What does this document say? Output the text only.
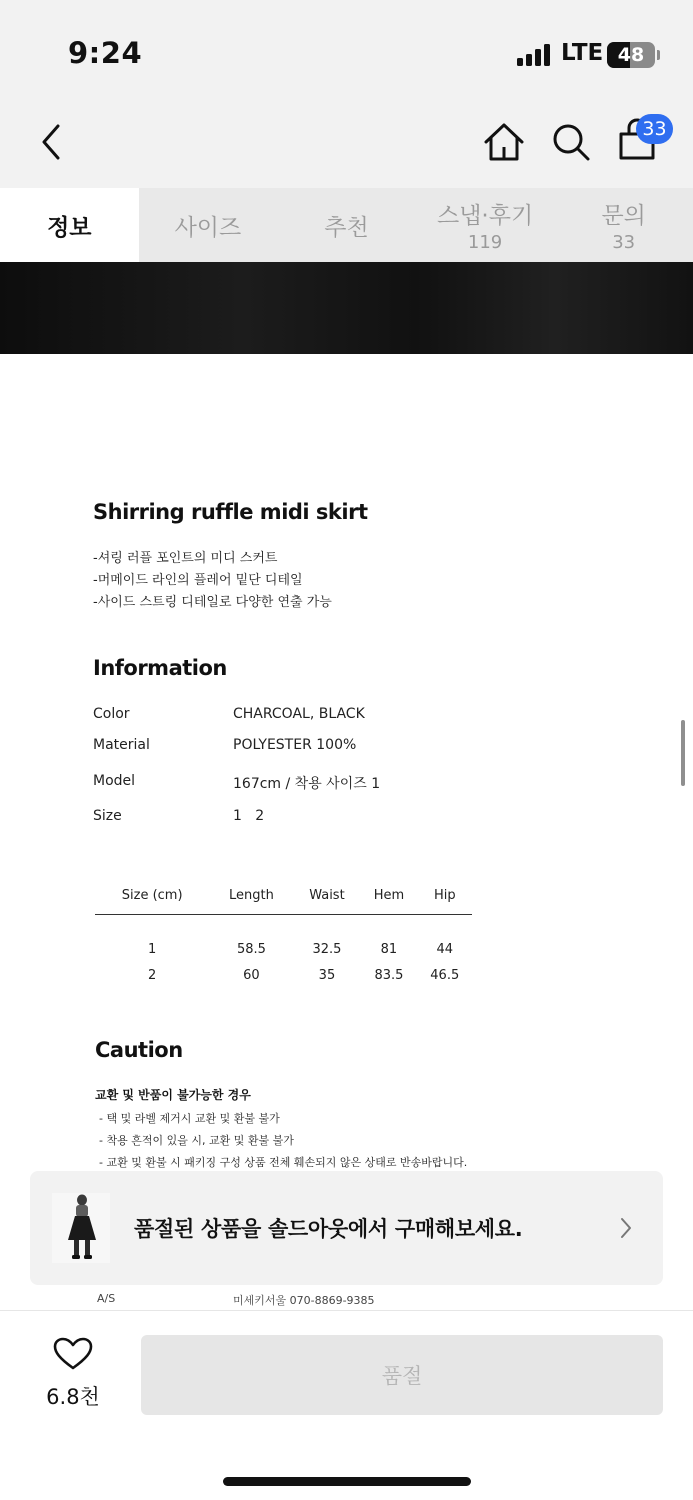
9:24	LTE 48
33
정보	사이즈	추천	스냅·후기
119
문의
33
Shirring ruffle midi skirt
-셔링 러플 포인트의 미디 스커트
-머메이드 라인의 플레어 밑단 디테일
-사이드 스트링 디테일로 다양한 연출 가능
Information
Color	CHARCOAL, BLACK
Material	POLYESTER 100%
Model	167cm / 착용 사이즈 1
Size	1   2
Size (cm)	Length	Waist	Hem	Hip
1	58.5	32.5	81	44
2	60	35	83.5	46.5
Caution
교환 및 반품이 불가능한 경우
- 택 및 라벨 제거시 교환 및 환불 불가
- 착용 흔적이 있을 시, 교환 및 환불 불가
- 교환 및 환불 시 패키징 구성 상품 전체 훼손되지 않은 상태로 반송바랍니다.
A/S	미세키서울 070-8869-9385
품절된 상품을 솔드아웃에서 구매해보세요.
6.8천
품절
